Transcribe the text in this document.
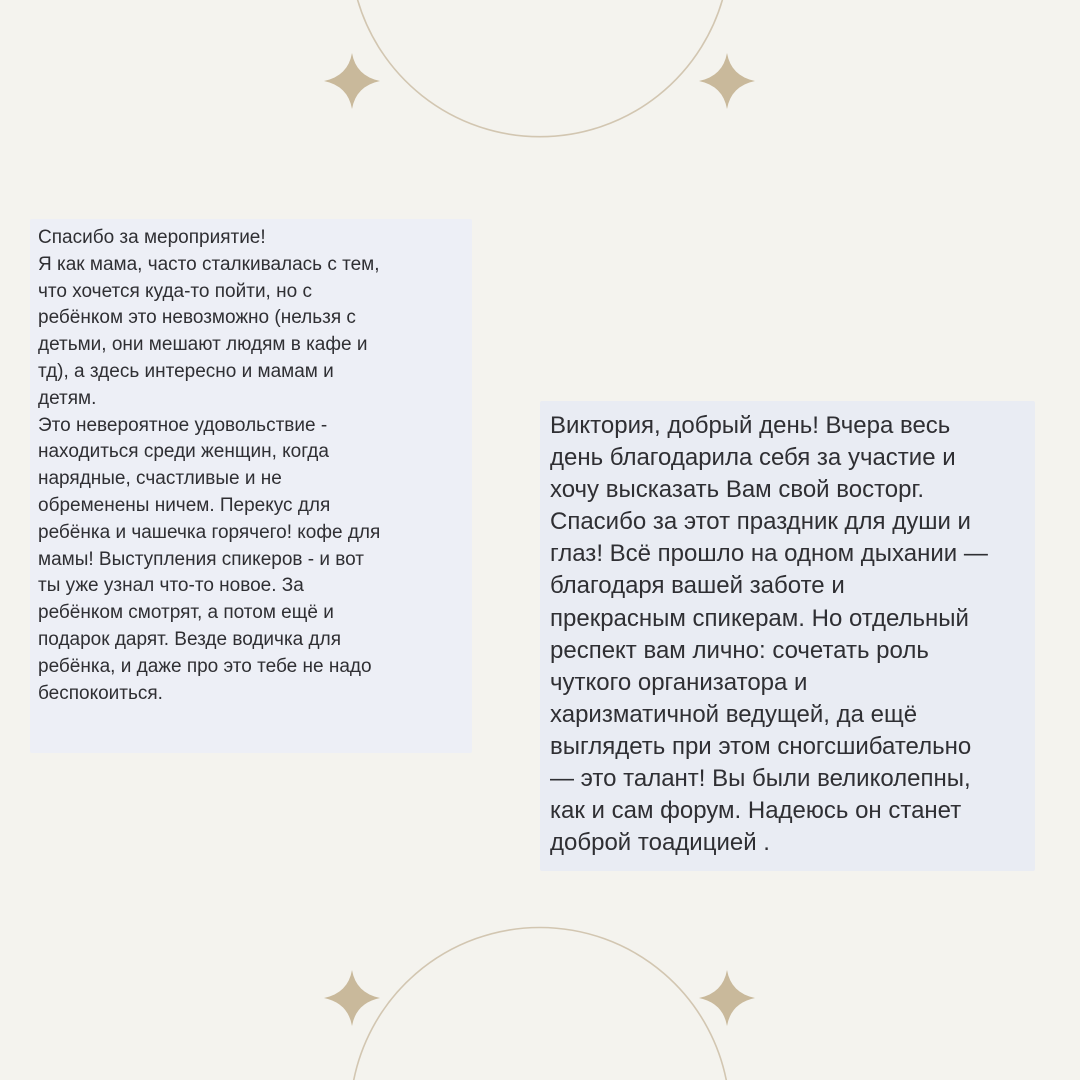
Спасибо за мероприятие!
Я как мама, часто сталкивалась с тем,
что хочется куда-то пойти, но с
ребёнком это невозможно (нельзя с
детьми, они мешают людям в кафе и
тд), а здесь интересно и мамам и
детям.
Это невероятное удовольствие -
находиться среди женщин, когда
нарядные, счастливые и не
обременены ничем. Перекус для
ребёнка и чашечка горячего! кофе для
мамы! Выступления спикеров - и вот
ты уже узнал что-то новое. За
ребёнком смотрят, а потом ещё и
подарок дарят. Везде водичка для
ребёнка, и даже про это тебе не надо
беспокоиться.
Виктория, добрый день! Вчера весь
день благодарила себя за участие и
хочу высказать Вам свой восторг.
Спасибо за этот праздник для души и
глаз! Всё прошло на одном дыхании —
благодаря вашей заботе и
прекрасным спикерам. Но отдельный
респект вам лично: сочетать роль
чуткого организатора и
харизматичной ведущей, да ещё
выглядеть при этом сногсшибательно
— это талант! Вы были великолепны,
как и сам форум. Надеюсь он станет
доброй тоадицией .
